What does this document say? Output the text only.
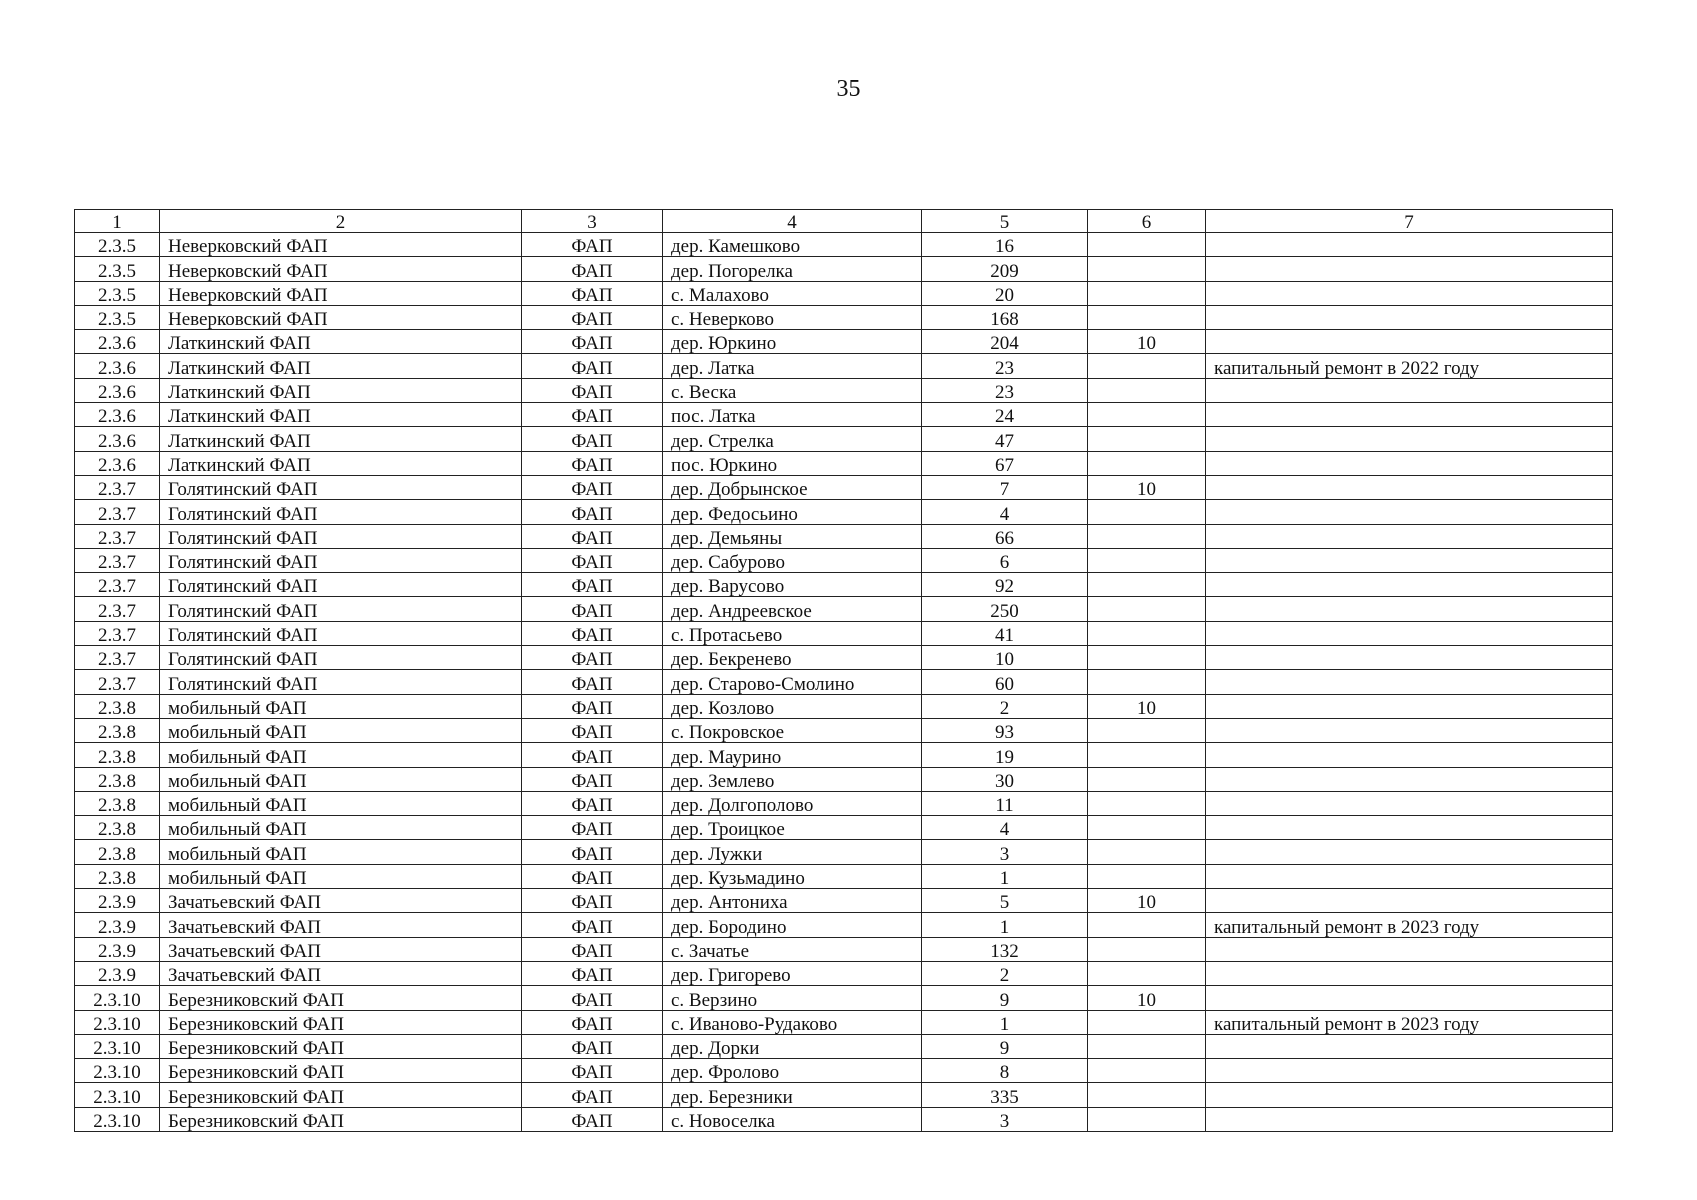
35
1	2	3	4	5	6	7
2.3.5	Неверковский ФАП	ФАП	дер. Камешково	16		
2.3.5	Неверковский ФАП	ФАП	дер. Погорелка	209		
2.3.5	Неверковский ФАП	ФАП	с. Малахово	20		
2.3.5	Неверковский ФАП	ФАП	с. Неверково	168		
2.3.6	Латкинский ФАП	ФАП	дер. Юркино	204	10	
2.3.6	Латкинский ФАП	ФАП	дер. Латка	23		капитальный ремонт в 2022 году
2.3.6	Латкинский ФАП	ФАП	с. Веска	23		
2.3.6	Латкинский ФАП	ФАП	пос. Латка	24		
2.3.6	Латкинский ФАП	ФАП	дер. Стрелка	47		
2.3.6	Латкинский ФАП	ФАП	пос. Юркино	67		
2.3.7	Голятинский ФАП	ФАП	дер. Добрынское	7	10	
2.3.7	Голятинский ФАП	ФАП	дер. Федосьино	4		
2.3.7	Голятинский ФАП	ФАП	дер. Демьяны	66		
2.3.7	Голятинский ФАП	ФАП	дер. Сабурово	6		
2.3.7	Голятинский ФАП	ФАП	дер. Варусово	92		
2.3.7	Голятинский ФАП	ФАП	дер. Андреевское	250		
2.3.7	Голятинский ФАП	ФАП	с. Протасьево	41		
2.3.7	Голятинский ФАП	ФАП	дер. Бекренево	10		
2.3.7	Голятинский ФАП	ФАП	дер. Старово-Смолино	60		
2.3.8	мобильный ФАП	ФАП	дер. Козлово	2	10	
2.3.8	мобильный ФАП	ФАП	с. Покровское	93		
2.3.8	мобильный ФАП	ФАП	дер. Маурино	19		
2.3.8	мобильный ФАП	ФАП	дер. Землево	30		
2.3.8	мобильный ФАП	ФАП	дер. Долгополово	11		
2.3.8	мобильный ФАП	ФАП	дер. Троицкое	4		
2.3.8	мобильный ФАП	ФАП	дер. Лужки	3		
2.3.8	мобильный ФАП	ФАП	дер. Кузьмадино	1		
2.3.9	Зачатьевский ФАП	ФАП	дер. Антониха	5	10	
2.3.9	Зачатьевский ФАП	ФАП	дер. Бородино	1		капитальный ремонт в 2023 году
2.3.9	Зачатьевский ФАП	ФАП	с. Зачатье	132		
2.3.9	Зачатьевский ФАП	ФАП	дер. Григорево	2		
2.3.10	Березниковский ФАП	ФАП	с. Верзино	9	10	
2.3.10	Березниковский ФАП	ФАП	с. Иваново-Рудаково	1		капитальный ремонт в 2023 году
2.3.10	Березниковский ФАП	ФАП	дер. Дорки	9		
2.3.10	Березниковский ФАП	ФАП	дер. Фролово	8		
2.3.10	Березниковский ФАП	ФАП	дер. Березники	335		
2.3.10	Березниковский ФАП	ФАП	с. Новоселка	3		
